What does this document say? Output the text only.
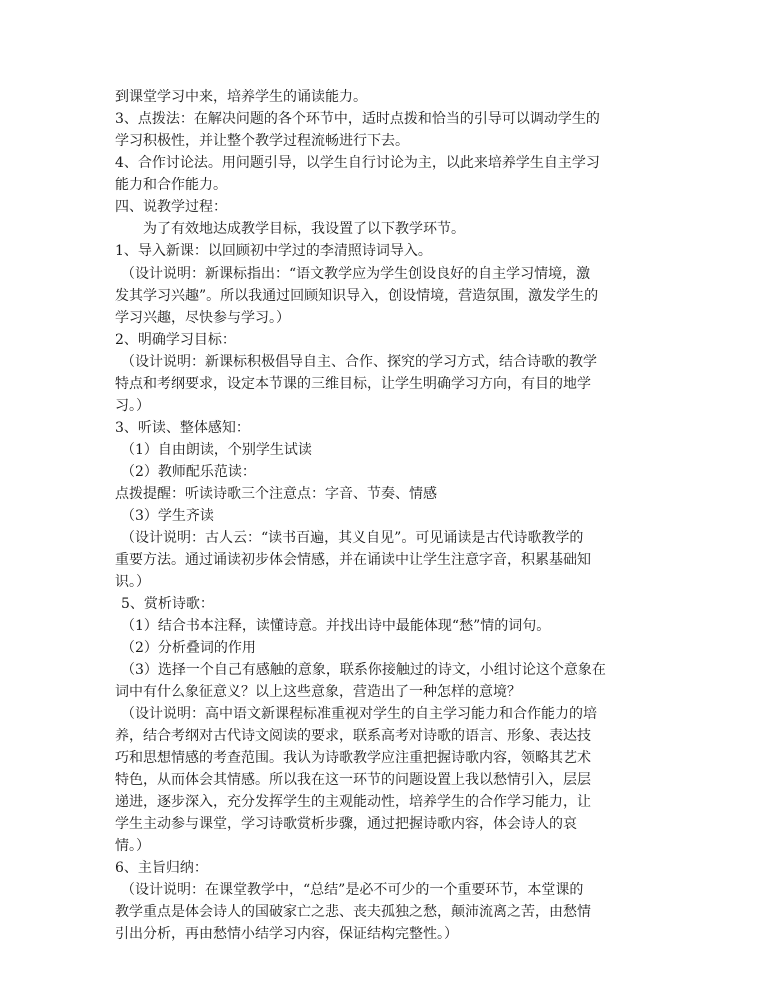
到课堂学习中来，培养学生的诵读能力。
3、点拨法：在解决问题的各个环节中，适时点拨和恰当的引导可以调动学生的
学习积极性，并让整个教学过程流畅进行下去。
4、合作讨论法。用问题引导，以学生自行讨论为主，以此来培养学生自主学习
能力和合作能力。
四、说教学过程：
为了有效地达成教学目标，我设置了以下教学环节。
1、导入新课：以回顾初中学过的李清照诗词导入。
（设计说明：新课标指出：“语文教学应为学生创设良好的自主学习情境，激
发其学习兴趣”。所以我通过回顾知识导入，创设情境，营造氛围，激发学生的
学习兴趣，尽快参与学习。）
2、明确学习目标：
（设计说明：新课标积极倡导自主、合作、探究的学习方式，结合诗歌的教学
特点和考纲要求，设定本节课的三维目标，让学生明确学习方向，有目的地学
习。）
3、听读、整体感知：
（1）自由朗读，个别学生试读
（2）教师配乐范读：
点拨提醒：听读诗歌三个注意点：字音、节奏、情感
（3）学生齐读
（设计说明：古人云：“读书百遍，其义自见”。可见诵读是古代诗歌教学的
重要方法。通过诵读初步体会情感，并在诵读中让学生注意字音，积累基础知
识。）
5、赏析诗歌：
（1）结合书本注释，读懂诗意。并找出诗中最能体现“愁”情的词句。
（2）分析叠词的作用
（3）选择一个自己有感触的意象，联系你接触过的诗文，小组讨论这个意象在
词中有什么象征意义？以上这些意象，营造出了一种怎样的意境？
（设计说明：高中语文新课程标准重视对学生的自主学习能力和合作能力的培
养，结合考纲对古代诗文阅读的要求，联系高考对诗歌的语言、形象、表达技
巧和思想情感的考查范围。我认为诗歌教学应注重把握诗歌内容，领略其艺术
特色，从而体会其情感。所以我在这一环节的问题设置上我以愁情引入，层层
递进，逐步深入，充分发挥学生的主观能动性，培养学生的合作学习能力，让
学生主动参与课堂，学习诗歌赏析步骤，通过把握诗歌内容，体会诗人的哀
情。）
6、主旨归纳：
（设计说明：在课堂教学中，“总结”是必不可少的一个重要环节，本堂课的
教学重点是体会诗人的国破家亡之悲、丧夫孤独之愁，颠沛流离之苦，由愁情
引出分析，再由愁情小结学习内容，保证结构完整性。）
